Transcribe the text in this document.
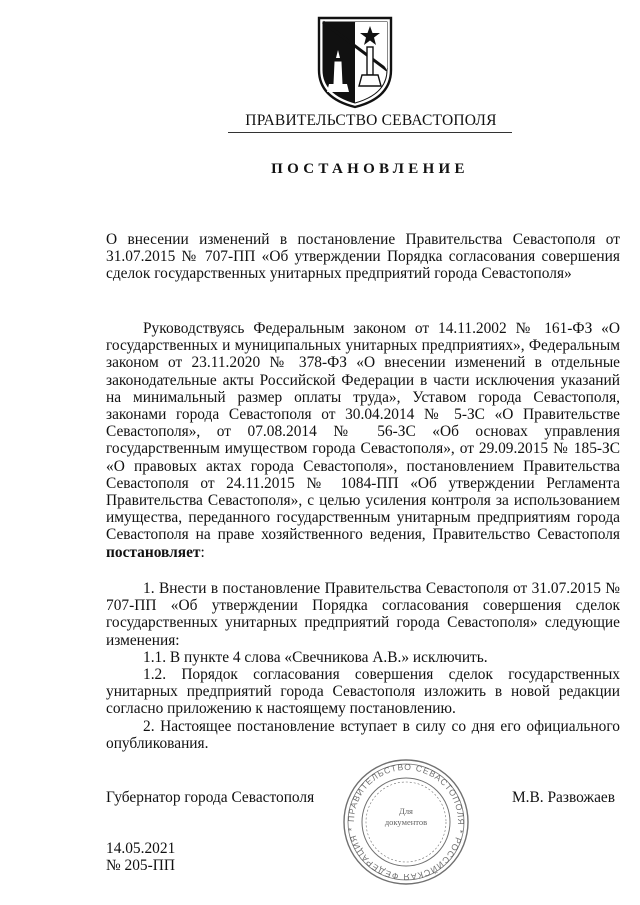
ПРАВИТЕЛЬСТВО СЕВАСТОПОЛЯ
ПОСТАНОВЛЕНИЕ
О внесении изменений в постановление Правительства Севастополя от 31.07.2015 № 707-ПП «Об утверждении Порядка согласования совершения сделок государственных унитарных предприятий города Севастополя»
Руководствуясь Федеральным законом от 14.11.2002 № 161-ФЗ «О государственных и муниципальных унитарных предприятиях», Федеральным законом от 23.11.2020 № 378-ФЗ «О внесении изменений в отдельные законодательные акты Российской Федерации в части исключения указаний на минимальный размер оплаты труда», Уставом города Севастополя, законами города Севастополя от 30.04.2014 № 5-ЗС «О Правительстве Севастополя», от 07.08.2014 № 56-ЗС «Об основах управления государственным имуществом города Севастополя», от 29.09.2015 № 185-ЗС «О правовых актах города Севастополя», постановлением Правительства Севастополя от 24.11.2015 № 1084-ПП «Об утверждении Регламента Правительства Севастополя», с целью усиления контроля за использованием имущества, переданного государственным унитарным предприятиям города Севастополя на праве хозяйственного ведения, Правительство Севастополя постановляет:

1. Внести в постановление Правительства Севастополя от 31.07.2015 № 707-ПП «Об утверждении Порядка согласования совершения сделок государственных унитарных предприятий города Севастополя» следующие изменения:

1.1. В пункте 4 слова «Свечникова А.В.» исключить.

1.2. Порядок согласования совершения сделок государственных унитарных предприятий города Севастополя изложить в новой редакции согласно приложению к настоящему постановлению.

2. Настоящее постановление вступает в силу со дня его официального опубликования.

Губернатор города Севастополя
ПРАВИТЕЛЬСТВО СЕВАСТОПОЛЯ * РОССИЙСКАЯ ФЕДЕРАЦИЯ *
Для
документов
М.В. Развожаев
14.05.2021
№ 205-ПП
